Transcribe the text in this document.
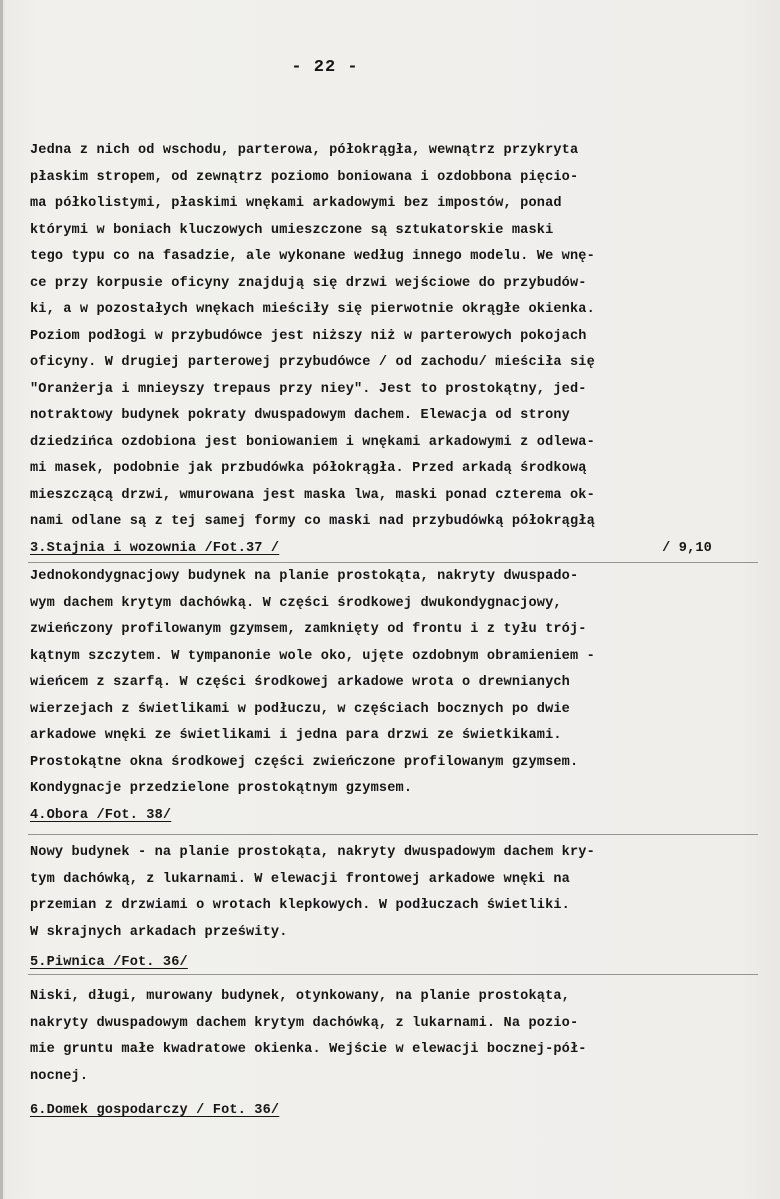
- 22 -
Jedna z nich od wschodu, parterowa, półokrągła, wewnątrz przykryta
płaskim stropem, od zewnątrz poziomo boniowana i ozdobbona pięcio-
ma półkolistymi, płaskimi wnękami arkadowymi bez impostów, ponad
którymi w boniach kluczowych umieszczone są sztukatorskie maski
tego typu co na fasadzie, ale wykonane według innego modelu. We wnę-
ce przy korpusie oficyny znajdują się drzwi wejściowe do przybudów-
ki, a w pozostałych wnękach mieściły się pierwotnie okrągłe okienka.
Poziom podłogi w przybudówce jest niższy niż w parterowych pokojach
oficyny. W drugiej parterowej przybudówce / od zachodu/ mieściła się
"Oranżerja i mnieyszy trepaus przy niey". Jest to prostokątny, jed-
notraktowy budynek pokraty dwuspadowym dachem. Elewacja od strony
dziedzińca ozdobiona jest boniowaniem i wnękami arkadowymi z odlewa-
mi masek, podobnie jak przbudówka półokrągła. Przed arkadą środkową
mieszczącą drzwi, wmurowana jest maska lwa, maski ponad czterema ok-
nami odlane są z tej samej formy co maski nad przybudówką półokrągłą
3.Stajnia i wozownia /Fot.37 /	/ 9,10
Jednokondygnacjowy budynek na planie prostokąta, nakryty dwuspado-
wym dachem krytym dachówką. W części środkowej dwukondygnacjowy,
zwieńczony profilowanym gzymsem, zamknięty od frontu i z tyłu trój-
kątnym szczytem. W tympanonie wole oko, ujęte ozdobnym obramieniem -
wieńcem z szarfą. W części środkowej arkadowe wrota o drewnianych
wierzejach z świetlikami w podłuczu, w częściach bocznych po dwie
arkadowe wnęki ze świetlikami i jedna para drzwi ze świetkikami.
Prostokątne okna środkowej części zwieńczone profilowanym gzymsem.
Kondygnacje przedzielone prostokątnym gzymsem.
4.Obora /Fot. 38/
Nowy budynek - na planie prostokąta, nakryty dwuspadowym dachem kry-
tym dachówką, z lukarnami. W elewacji frontowej arkadowe wnęki na
przemian z drzwiami o wrotach klepkowych. W podłuczach świetliki.
W skrajnych arkadach prześwity.
5.Piwnica /Fot. 36/
Niski, długi, murowany budynek, otynkowany, na planie prostokąta,
nakryty dwuspadowym dachem krytym dachówką, z lukarnami. Na pozio-
mie gruntu małe kwadratowe okienka. Wejście w elewacji bocznej-pół-
nocnej.
6.Domek gospodarczy / Fot. 36/
